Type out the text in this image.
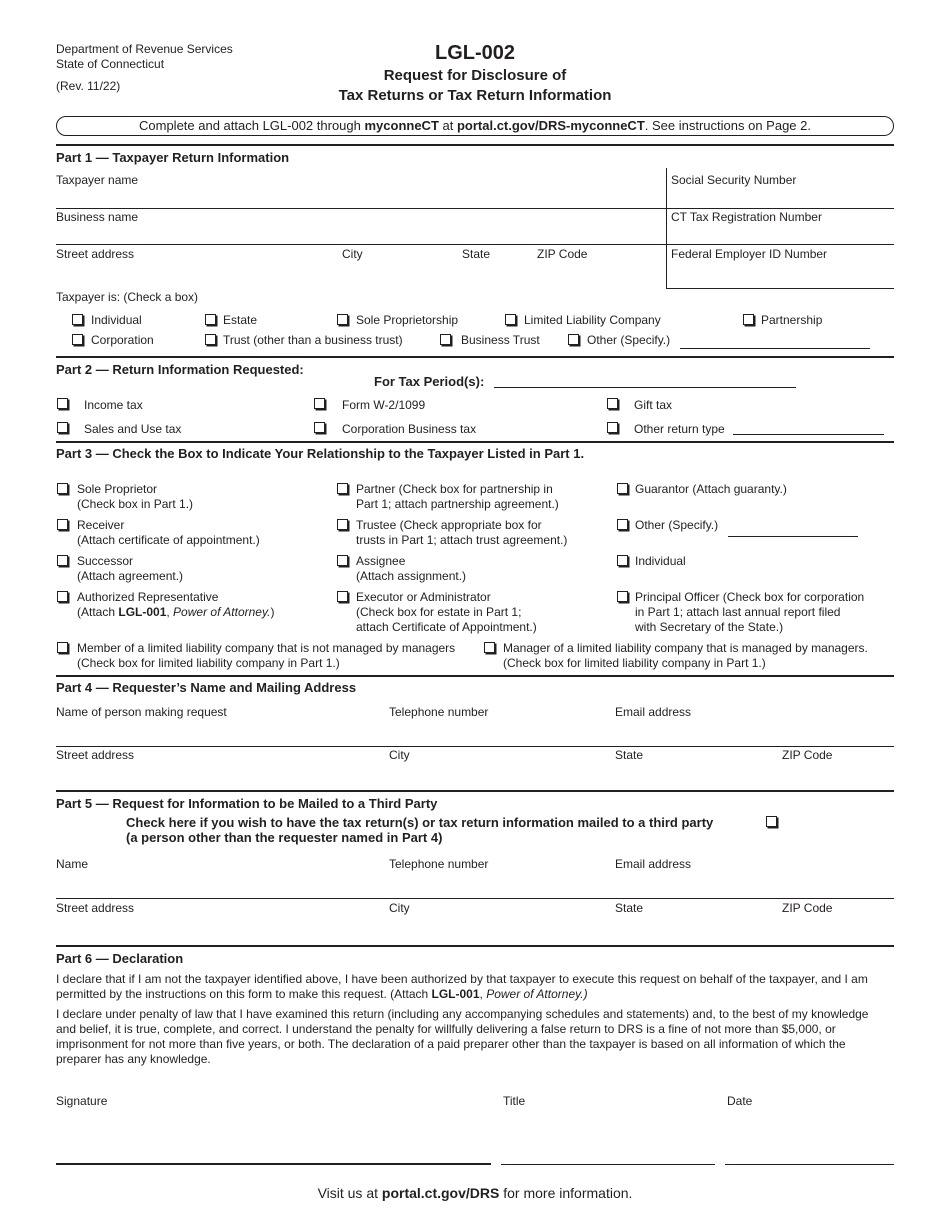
Department of Revenue Services
State of Connecticut
(Rev. 11/22)
LGL-002
Request for Disclosure of
Tax Returns or Tax Return Information
Complete and attach LGL-002 through myconneCT at portal.ct.gov/DRS-myconneCT. See instructions on Page 2.
Part 1 — Taxpayer Return Information
Taxpayer name	Social Security Number
Business name	CT Tax Registration Number
Street address	City	State	ZIP Code	Federal Employer ID Number
Taxpayer is: (Check a box)
Individual	Estate	Sole Proprietorship	Limited Liability Company	Partnership
Corporation	Trust (other than a business trust)	Business Trust	Other (Specify.)
Part 2 — Return Information Requested:
For Tax Period(s):
Income tax	Form W-2/1099	Gift tax
Sales and Use tax	Corporation Business tax	Other return type
Part 3 — Check the Box to Indicate Your Relationship to the Taxpayer Listed in Part 1.
Sole Proprietor
(Check box in Part 1.)
Receiver
(Attach certificate of appointment.)
Successor
(Attach agreement.)
Authorized Representative
(Attach LGL-001, Power of Attorney.)
Partner (Check box for partnership in
Part 1; attach partnership agreement.)
Trustee (Check appropriate box for
trusts in Part 1; attach trust agreement.)
Assignee
(Attach assignment.)
Executor or Administrator
(Check box for estate in Part 1;
attach Certificate of Appointment.)
Guarantor (Attach guaranty.)
Other (Specify.)
Individual
Principal Officer (Check box for corporation
in Part 1; attach last annual report filed
with Secretary of the State.)
Member of a limited liability company that is not managed by managers
(Check box for limited liability company in Part 1.)
Manager of a limited liability company that is managed by managers.
(Check box for limited liability company in Part 1.)
Part 4 — Requester’s Name and Mailing Address
Name of person making request	Telephone number	Email address
Street address	City	State	ZIP Code
Part 5 — Request for Information to be Mailed to a Third Party
Check here if you wish to have the tax return(s) or tax return information mailed to a third party
(a person other than the requester named in Part 4)
Name	Telephone number	Email address
Street address	City	State	ZIP Code
Part 6 — Declaration
I declare that if I am not the taxpayer identified above, I have been authorized by that taxpayer to execute this request on behalf of the taxpayer, and I am permitted by the instructions on this form to make this request. (Attach LGL-001, Power of Attorney.)
I declare under penalty of law that I have examined this return (including any accompanying schedules and statements) and, to the best of my knowledge and belief, it is true, complete, and correct. I understand the penalty for willfully delivering a false return to DRS is a fine of not more than $5,000, or imprisonment for not more than five years, or both. The declaration of a paid preparer other than the taxpayer is based on all information of which the preparer has any knowledge.
Signature	Title	Date
Visit us at portal.ct.gov/DRS for more information.
